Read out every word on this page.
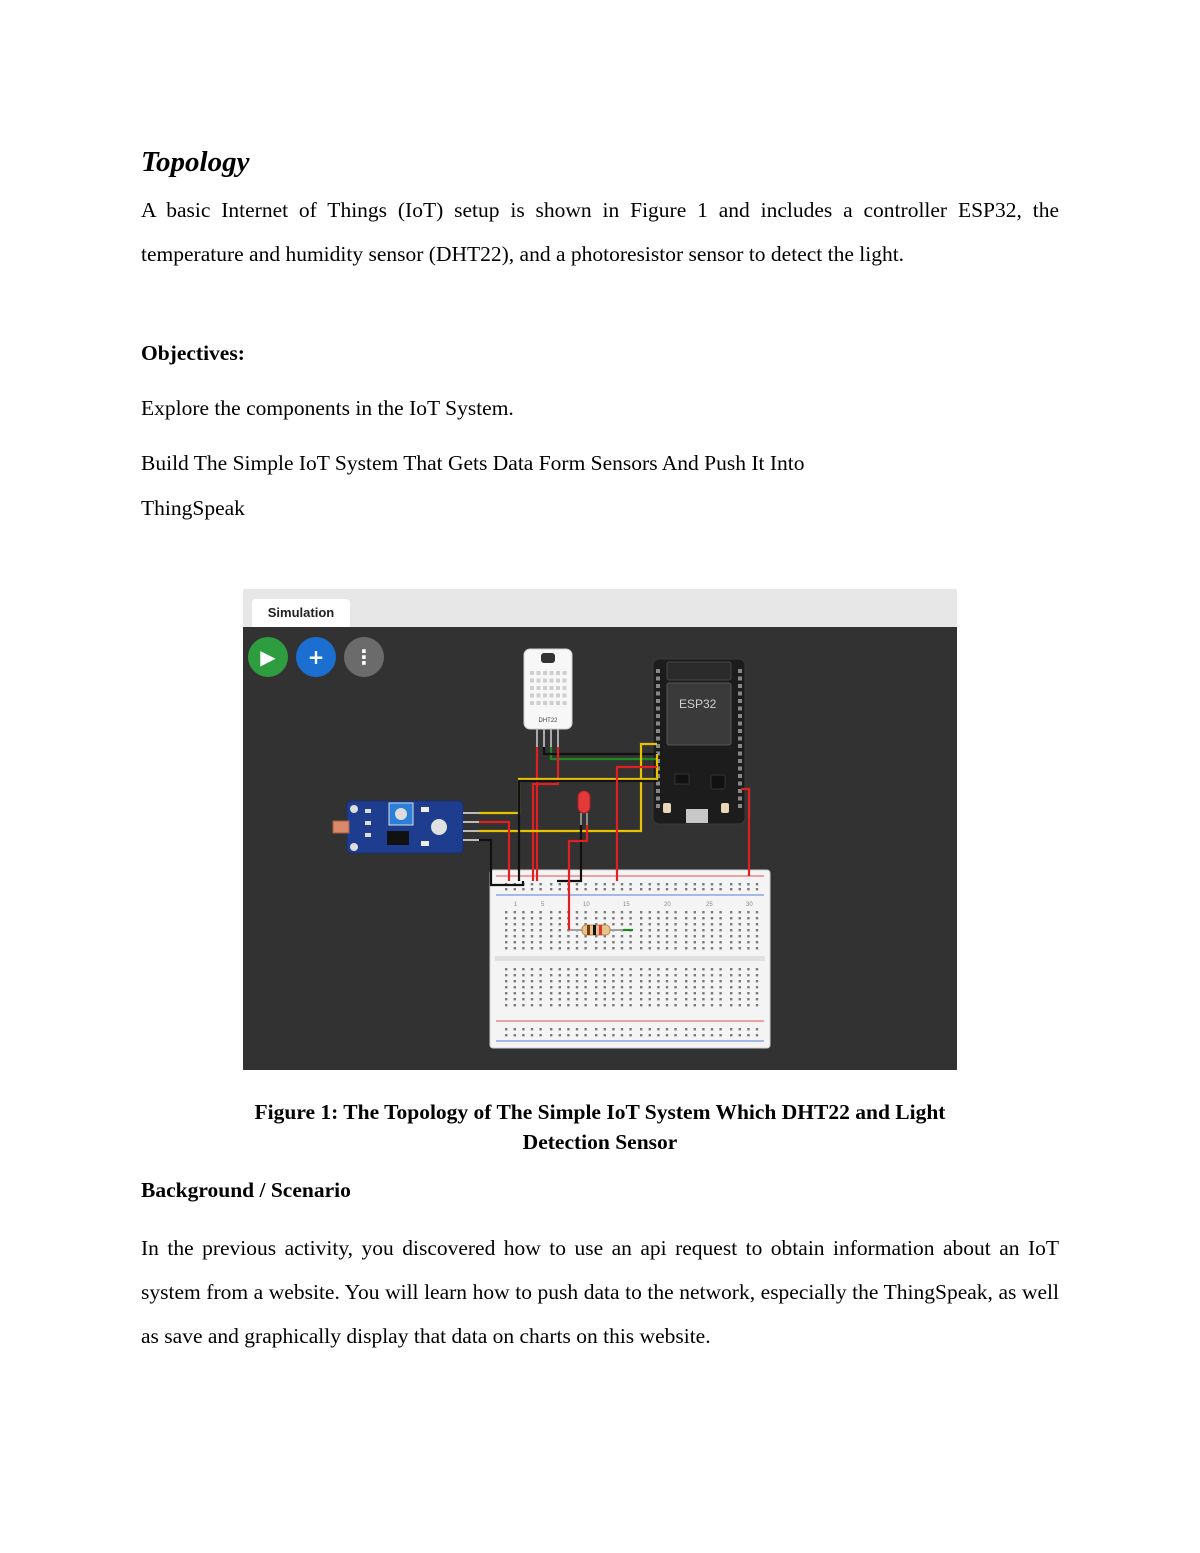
Topology

A basic Internet of Things (IoT) setup is shown in Figure 1 and includes a controller ESP32, the temperature and humidity sensor (DHT22), and a photoresistor sensor to detect the light.

Objectives:

Explore the components in the IoT System.

Build The Simple IoT System That Gets Data Form Sensors And Push It Into

ThingSpeak

Simulation
▶	+	⋮
1	5	10	15	20	25	30
DHT22
ESP32

Figure 1: The Topology of The Simple IoT System Which DHT22 and Light
Detection Sensor

Background / Scenario

In the previous activity, you discovered how to use an api request to obtain information about an IoT system from a website. You will learn how to push data to the network, especially the ThingSpeak, as well as save and graphically display that data on charts on this website.
